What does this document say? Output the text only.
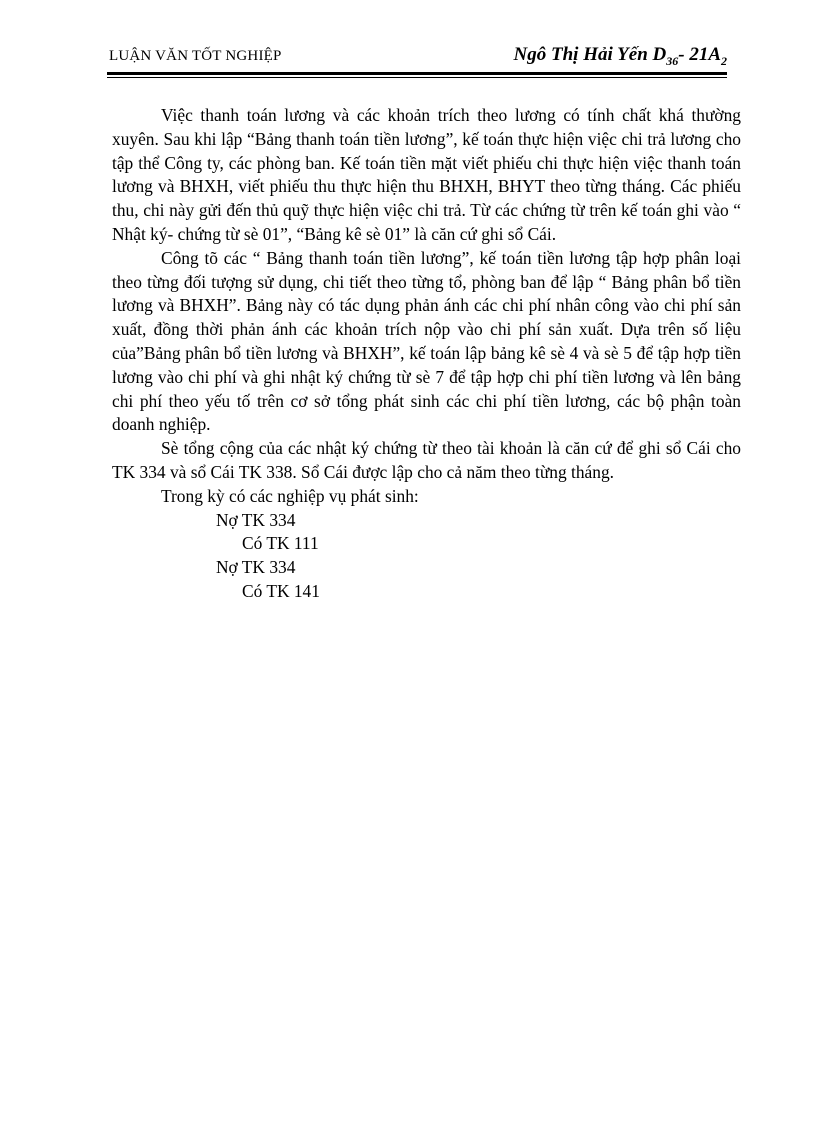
LUẬN VĂN TỐT NGHIỆP	Ngô Thị Hải Yến $D_{36}-$ $21A_2$

Việc thanh toán lương và các khoản trích theo lương có tính chất khá thường xuyên. Sau khi lập “Bảng thanh toán tiền lương”, kế toán thực hiện việc chi trả lương cho tập thể Công ty, các phòng ban. Kế toán tiền mặt viết phiếu chi thực hiện việc thanh toán lương và BHXH, viết phiếu thu thực hiện thu BHXH, BHYT theo từng tháng. Các phiếu thu, chi này gửi đến thủ quỹ thực hiện việc chi trả. Từ các chứng từ trên kế toán ghi vào “ Nhật ký- chứng từ sè 01”, “Bảng kê sè 01” là căn cứ ghi sổ Cái.

Công tõ các “ Bảng thanh toán tiền lương”, kế toán tiền lương tập hợp phân loại theo từng đối tượng sử dụng, chi tiết theo từng tổ, phòng ban để lập “ Bảng phân bổ tiền lương và BHXH”. Bảng này có tác dụng phản ánh các chi phí nhân công vào chi phí sản xuất, đồng thời phản ánh các khoản trích nộp vào chi phí sản xuất. Dựa trên số liệu của”Bảng phân bổ tiền lương và BHXH”, kế toán lập bảng kê sè 4 và sè 5 để tập hợp tiền lương vào chi phí và ghi nhật ký chứng từ sè 7 để tập hợp chi phí tiền lương và lên bảng chi phí theo yếu tố trên cơ sở tổng phát sinh các chi phí tiền lương, các bộ phận toàn doanh nghiệp.

Sè tổng cộng của các nhật ký chứng từ theo tài khoản là căn cứ để ghi sổ Cái cho TK 334 và sổ Cái TK 338. Sổ Cái được lập cho cả năm theo từng tháng.

Trong kỳ có các nghiệp vụ phát sinh:

Nợ TK 334

Có TK 111

Nợ TK 334

Có TK 141
